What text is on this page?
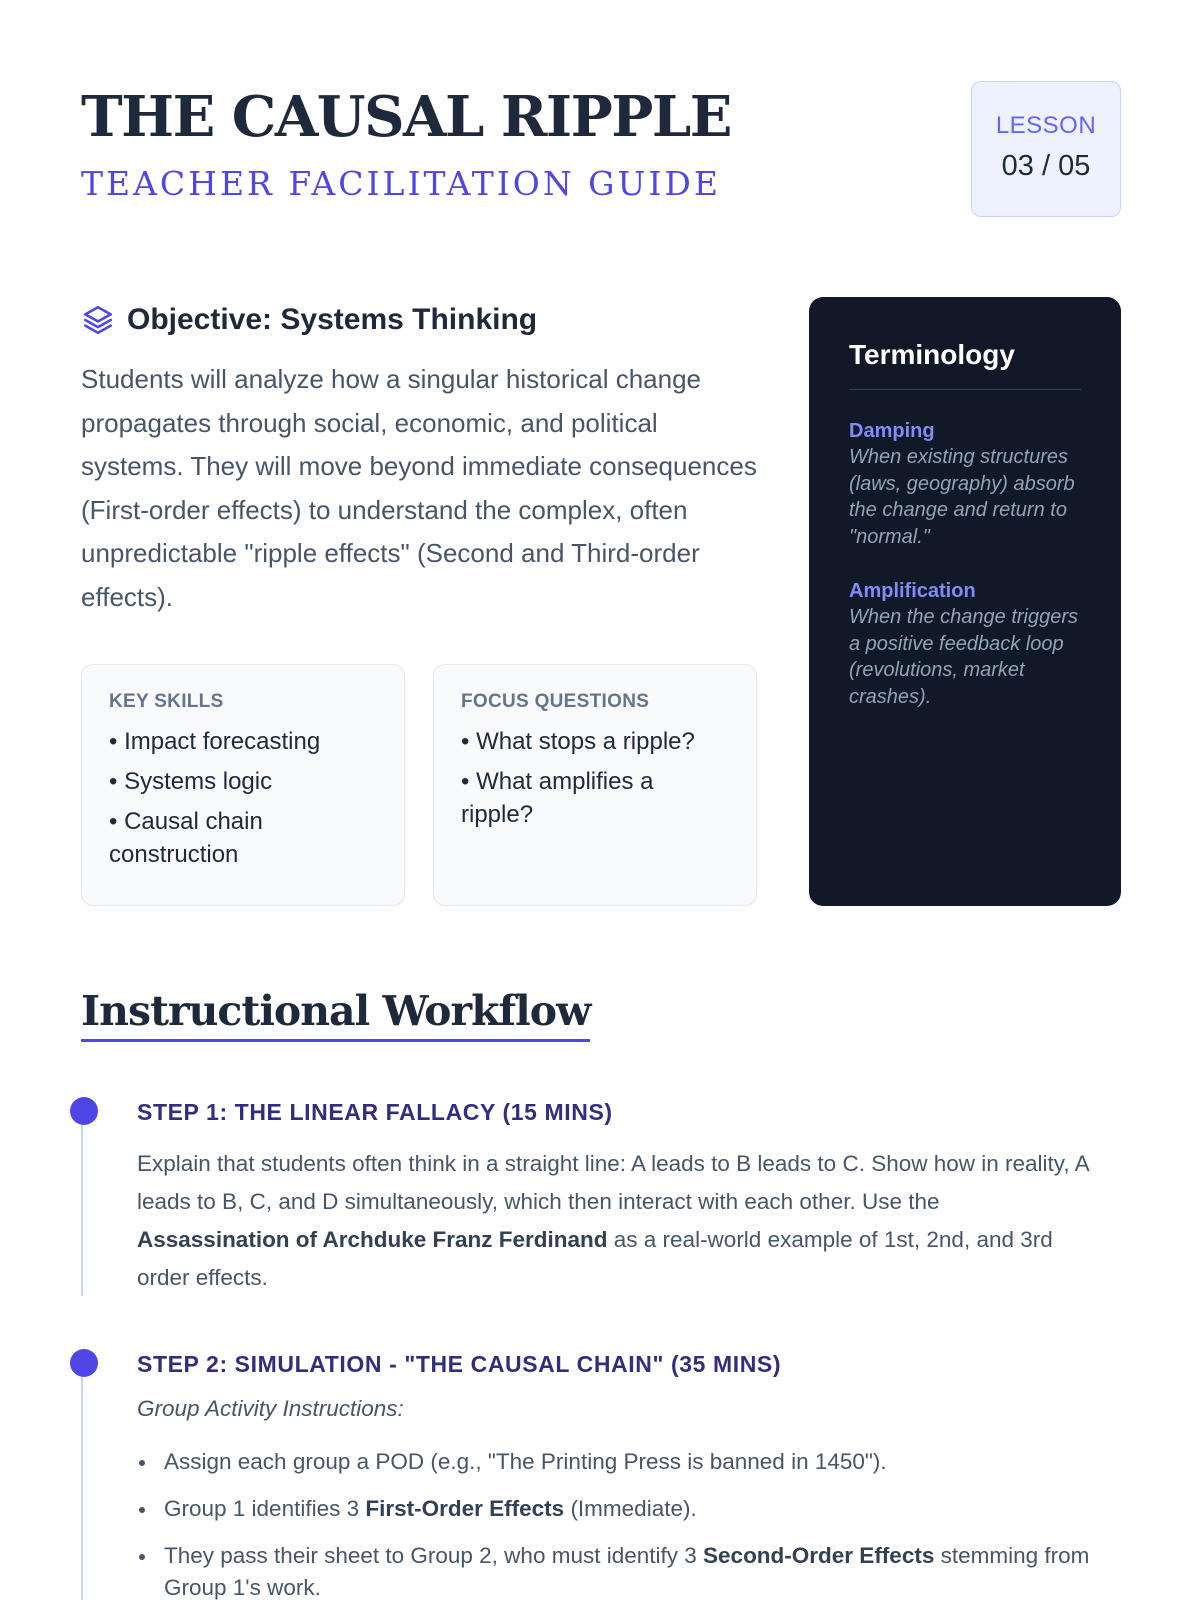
THE CAUSAL RIPPLE
TEACHER FACILITATION GUIDE
LESSON
03 / 05
Objective: Systems Thinking

Students will analyze how a singular historical change propagates through social, economic, and political systems. They will move beyond immediate consequences (First-order effects) to understand the complex, often unpredictable "ripple effects" (Second and Third-order effects).

KEY SKILLS
• Impact forecasting
• Systems logic
• Causal chain construction
FOCUS QUESTIONS
• What stops a ripple?
• What amplifies a ripple?
Terminology
Damping
When existing structures (laws, geography) absorb the change and return to "normal."
Amplification
When the change triggers a positive feedback loop (revolutions, market crashes).
Instructional Workflow
STEP 1: THE LINEAR FALLACY (15 MINS)

Explain that students often think in a straight line: A leads to B leads to C. Show how in reality, A leads to B, C, and D simultaneously, which then interact with each other. Use the Assassination of Archduke Franz Ferdinand as a real-world example of 1st, 2nd, and 3rd order effects.

STEP 2: SIMULATION - "THE CAUSAL CHAIN" (35 MINS)
Group Activity Instructions:
Assign each group a POD (e.g., "The Printing Press is banned in 1450").
Group 1 identifies 3 First-Order Effects (Immediate).
They pass their sheet to Group 2, who must identify 3 Second-Order Effects stemming from Group 1's work.
